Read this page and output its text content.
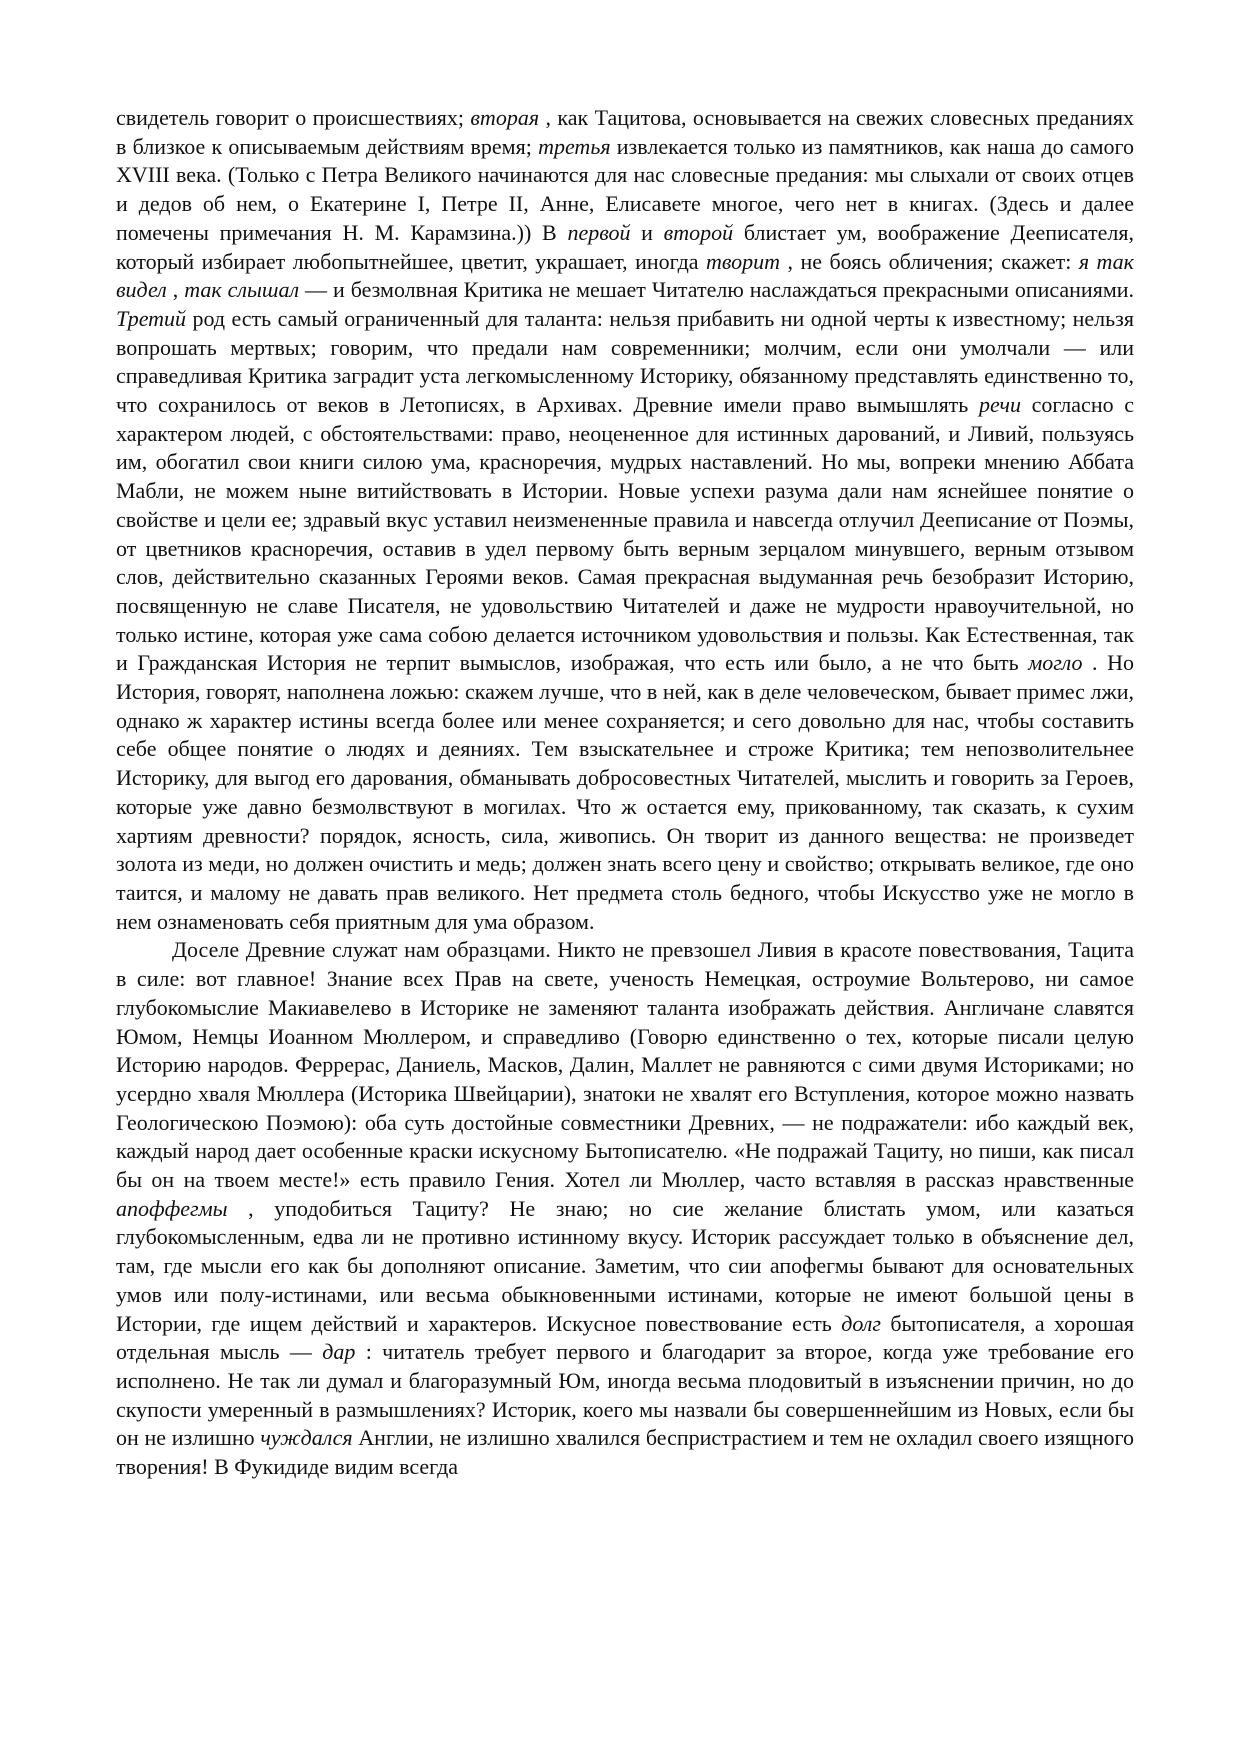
свидетель говорит о происшествиях; вторая , как Тацитова, основывается на свежих словесных преданиях в близкое к описываемым действиям время; третья извлекается только из памятников, как наша до самого XVIII века. (Только с Петра Великого начинаются для нас словесные предания: мы слыхали от своих отцев и дедов об нем, о Екатерине I, Петре II, Анне, Елисавете многое, чего нет в книгах. (Здесь и далее помечены примечания Н. М. Карамзина.)) В первой и второй блистает ум, воображение Дееписателя, который избирает любопытнейшее, цветит, украшает, иногда творит , не боясь обличения; скажет: я так видел , так слышал — и безмолвная Критика не мешает Читателю наслаждаться прекрасными описаниями. Третий род есть самый ограниченный для таланта: нельзя прибавить ни одной черты к известному; нельзя вопрошать мертвых; говорим, что предали нам современники; молчим, если они умолчали — или справедливая Критика заградит уста легкомысленному Историку, обязанному представлять единственно то, что сохранилось от веков в Летописях, в Архивах. Древние имели право вымышлять речи согласно с характером людей, с обстоятельствами: право, неоцененное для истинных дарований, и Ливий, пользуясь им, обогатил свои книги силою ума, красноречия, мудрых наставлений. Но мы, вопреки мнению Аббата Мабли, не можем ныне витийствовать в Истории. Новые успехи разума дали нам яснейшее понятие о свойстве и цели ее; здравый вкус уставил неизмененные правила и навсегда отлучил Дееписание от Поэмы, от цветников красноречия, оставив в удел первому быть верным зерцалом минувшего, верным отзывом слов, действительно сказанных Героями веков. Самая прекрасная выдуманная речь безобразит Историю, посвященную не славе Писателя, не удовольствию Читателей и даже не мудрости нравоучительной, но только истине, которая уже сама собою делается источником удовольствия и пользы. Как Естественная, так и Гражданская История не терпит вымыслов, изображая, что есть или было, а не что быть могло . Но История, говорят, наполнена ложью: скажем лучше, что в ней, как в деле человеческом, бывает примес лжи, однако ж характер истины всегда более или менее сохраняется; и сего довольно для нас, чтобы составить себе общее понятие о людях и деяниях. Тем взыскательнее и строже Критика; тем непозволительнее Историку, для выгод его дарования, обманывать добросовестных Читателей, мыслить и говорить за Героев, которые уже давно безмолвствуют в могилах. Что ж остается ему, прикованному, так сказать, к сухим хартиям древности? порядок, ясность, сила, живопись. Он творит из данного вещества: не произведет золота из меди, но должен очистить и медь; должен знать всего цену и свойство; открывать великое, где оно таится, и малому не давать прав великого. Нет предмета столь бедного, чтобы Искусство уже не могло в нем ознаменовать себя приятным для ума образом.

Доселе Древние служат нам образцами. Никто не превзошел Ливия в красоте повествования, Тацита в силе: вот главное! Знание всех Прав на свете, ученость Немецкая, остроумие Вольтерово, ни самое глубокомыслие Макиавелево в Историке не заменяют таланта изображать действия. Англичане славятся Юмом, Немцы Иоанном Мюллером, и справедливо (Говорю единственно о тех, которые писали целую Историю народов. Феррерас, Даниель, Масков, Далин, Маллет не равняются с сими двумя Историками; но усердно хваля Мюллера (Историка Швейцарии), знатоки не хвалят его Вступления, которое можно назвать Геологическою Поэмою): оба суть достойные совместники Древних, — не подражатели: ибо каждый век, каждый народ дает особенные краски искусному Бытописателю. «Не подражай Тациту, но пиши, как писал бы он на твоем месте!» есть правило Гения. Хотел ли Мюллер, часто вставляя в рассказ нравственные апоффегмы , уподобиться Тациту? Не знаю; но сие желание блистать умом, или казаться глубокомысленным, едва ли не противно истинному вкусу. Историк рассуждает только в объяснение дел, там, где мысли его как бы дополняют описание. Заметим, что сии апофегмы бывают для основательных умов или полу-истинами, или весьма обыкновенными истинами, которые не имеют большой цены в Истории, где ищем действий и характеров. Искусное повествование есть долг бытописателя, а хорошая отдельная мысль — дар : читатель требует первого и благодарит за второе, когда уже требование его исполнено. Не так ли думал и благоразумный Юм, иногда весьма плодовитый в изъяснении причин, но до скупости умеренный в размышлениях? Историк, коего мы назвали бы совершеннейшим из Новых, если бы он не излишно чуждался Англии, не излишно хвалился беспристрастием и тем не охладил своего изящного творения! В Фукидиде видим всегда
